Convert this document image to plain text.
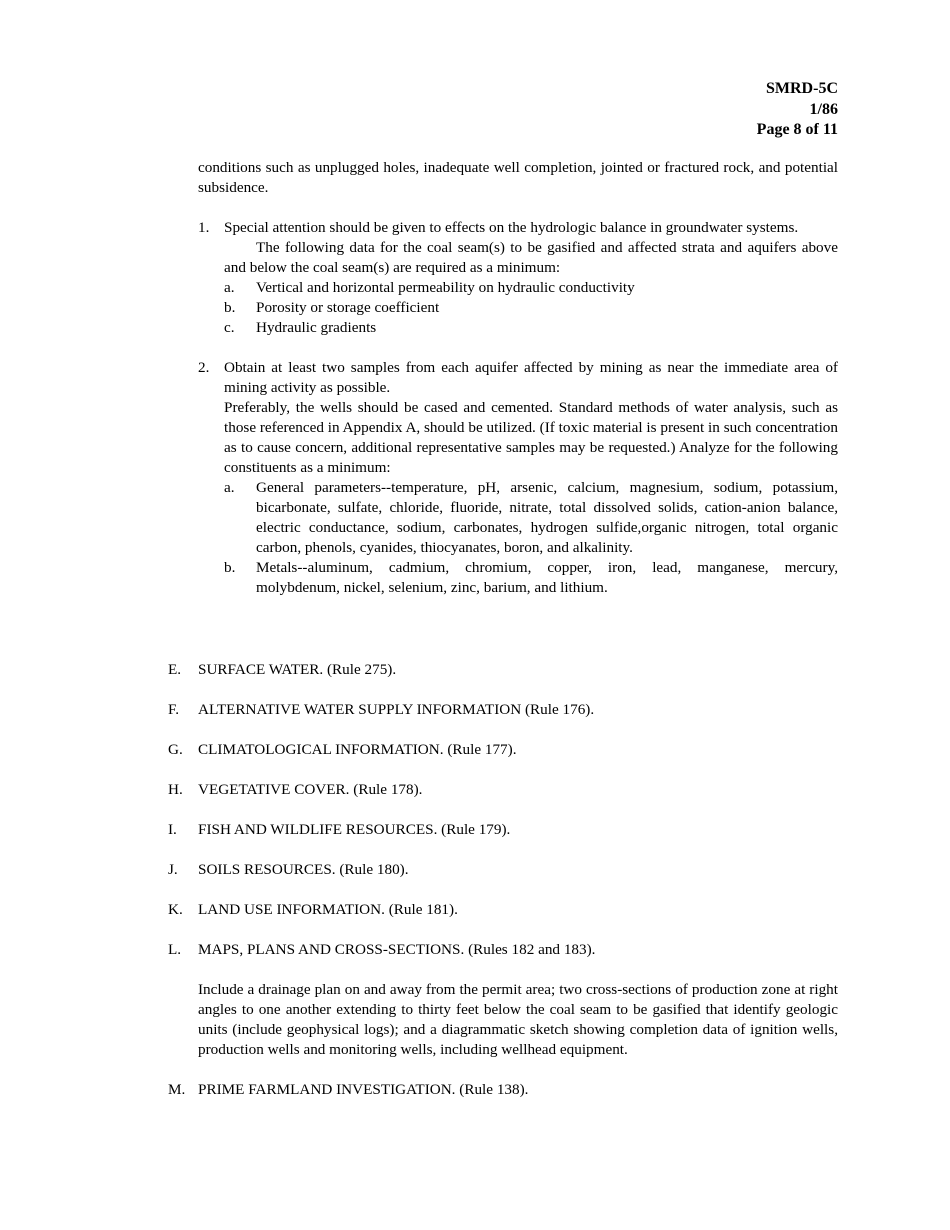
SMRD-5C
1/86
Page 8 of 11

conditions such as unplugged holes, inadequate well completion, jointed or fractured rock, and potential subsidence.

1. Special attention should be given to effects on the hydrologic balance in groundwater systems.

The following data for the coal seam(s) to be gasified and affected strata and aquifers above and below the coal seam(s) are required as a minimum:

a. Vertical and horizontal permeability on hydraulic conductivity

b. Porosity or storage coefficient

c. Hydraulic gradients

2. Obtain at least two samples from each aquifer affected by mining as near the immediate area of mining activity as possible.

Preferably, the wells should be cased and cemented. Standard methods of water analysis, such as those referenced in Appendix A, should be utilized. (If toxic material is present in such concentration as to cause concern, additional representative samples may be requested.) Analyze for the following constituents as a minimum:

a. General parameters--temperature, pH, arsenic, calcium, magnesium, sodium, potassium, bicarbonate, sulfate, chloride, fluoride, nitrate, total dissolved solids, cation-anion balance, electric conductance, sodium, carbonates, hydrogen sulfide,organic nitrogen, total organic carbon, phenols, cyanides, thiocyanates, boron, and alkalinity.

b. Metals--aluminum, cadmium, chromium, copper, iron, lead, manganese, mercury, molybdenum, nickel, selenium, zinc, barium, and lithium.

E. SURFACE WATER. (Rule 275).
F. ALTERNATIVE WATER SUPPLY INFORMATION (Rule 176).
G. CLIMATOLOGICAL INFORMATION. (Rule 177).
H. VEGETATIVE COVER. (Rule 178).
I. FISH AND WILDLIFE RESOURCES. (Rule 179).
J. SOILS RESOURCES. (Rule 180).
K. LAND USE INFORMATION. (Rule 181).
L. MAPS, PLANS AND CROSS-SECTIONS. (Rules 182 and 183).

Include a drainage plan on and away from the permit area; two cross-sections of production zone at right angles to one another extending to thirty feet below the coal seam to be gasified that identify geologic units (include geophysical logs); and a diagrammatic sketch showing completion data of ignition wells, production wells and monitoring wells, including wellhead equipment.

M. PRIME FARMLAND INVESTIGATION. (Rule 138).
